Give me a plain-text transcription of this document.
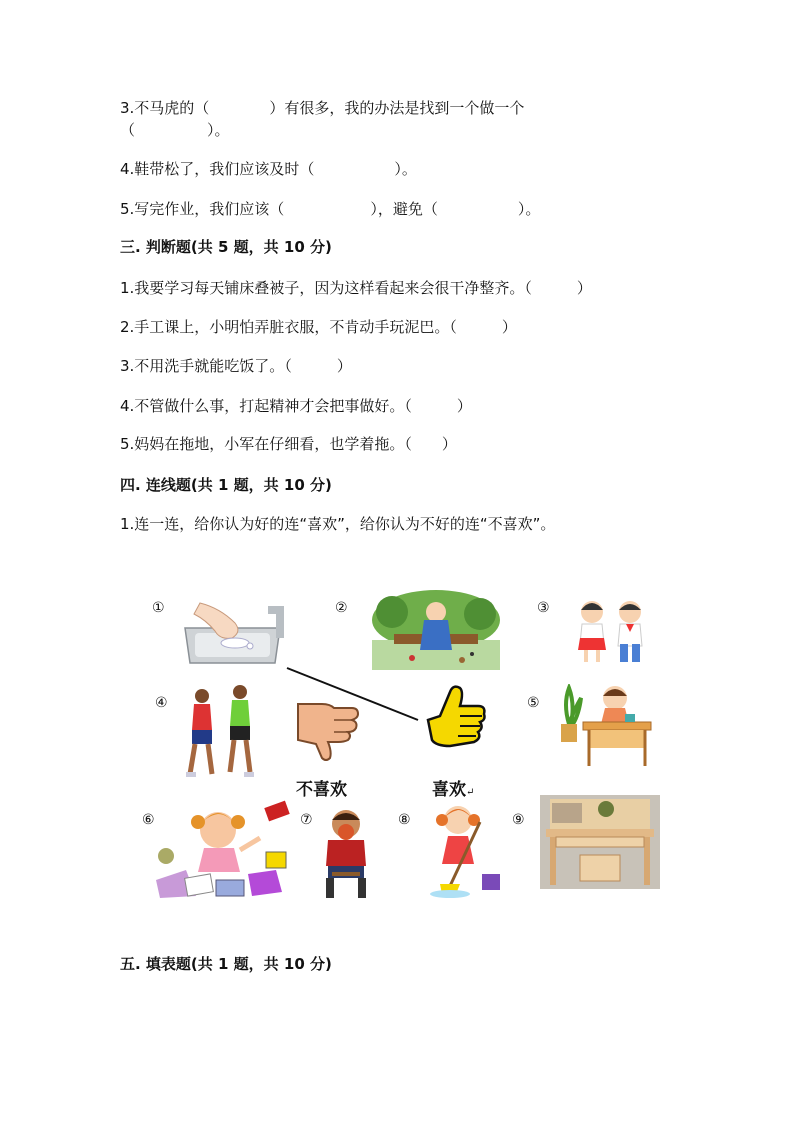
3.不马虎的（	）有很多，我的办法是找到一个做一个
（	）。
4.鞋带松了，我们应该及时（	）。
5.写完作业，我们应该（	），避免（	）。
三. 判断题(共 5 题，共 10 分)
1.我要学习每天铺床叠被子，因为这样看起来会很干净整齐。（　　　）
2.手工课上，小明怕弄脏衣服，不肯动手玩泥巴。（　　　）
3.不用洗手就能吃饭了。（　　　）
4.不管做什么事，打起精神才会把事做好。（　　　）
5.妈妈在拖地，小军在仔细看，也学着拖。（　　）
四. 连线题(共 1 题，共 10 分)
1.连一连，给你认为好的连“喜欢”，给你认为不好的连“不喜欢”。
①	②	③
④	⑤
⑥	⑦	⑧	⑨
不喜欢	喜欢↵
五. 填表题(共 1 题，共 10 分)
